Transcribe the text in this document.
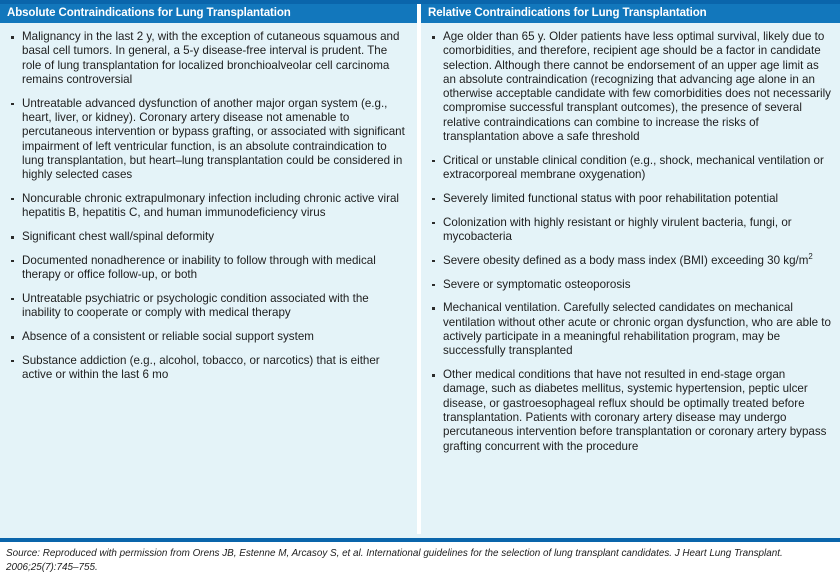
Absolute Contraindications for Lung Transplantation	Relative Contraindications for Lung Transplantation
Malignancy in the last 2 y, with the exception of cutaneous squamous and basal cell tumors. In general, a 5-y disease-free interval is prudent. The role of lung transplantation for localized bronchioalveolar cell carcinoma remains controversial
Untreatable advanced dysfunction of another major organ system (e.g., heart, liver, or kidney). Coronary artery disease not amenable to percutaneous intervention or bypass grafting, or associated with significant impairment of left ventricular function, is an absolute contraindication to lung transplantation, but heart–lung transplantation could be considered in highly selected cases
Noncurable chronic extrapulmonary infection including chronic active viral hepatitis B, hepatitis C, and human immunodeficiency virus
Significant chest wall/spinal deformity
Documented nonadherence or inability to follow through with medical therapy or office follow-up, or both
Untreatable psychiatric or psychologic condition associated with the inability to cooperate or comply with medical therapy
Absence of a consistent or reliable social support system
Substance addiction (e.g., alcohol, tobacco, or narcotics) that is either active or within the last 6 mo
Age older than 65 y. Older patients have less optimal survival, likely due to comorbidities, and therefore, recipient age should be a factor in candidate selection. Although there cannot be endorsement of an upper age limit as an absolute contraindication (recognizing that advancing age alone in an otherwise acceptable candidate with few comorbidities does not necessarily compromise successful transplant outcomes), the presence of several relative contraindications can combine to increase the risks of transplantation above a safe threshold
Critical or unstable clinical condition (e.g., shock, mechanical ventilation or extracorporeal membrane oxygenation)
Severely limited functional status with poor rehabilitation potential
Colonization with highly resistant or highly virulent bacteria, fungi, or mycobacteria
Severe obesity defined as a body mass index (BMI) exceeding 30 $kg/m^2$
Severe or symptomatic osteoporosis
Mechanical ventilation. Carefully selected candidates on mechanical ventilation without other acute or chronic organ dysfunction, who are able to actively participate in a meaningful rehabilitation program, may be successfully transplanted
Other medical conditions that have not resulted in end-stage organ damage, such as diabetes mellitus, systemic hypertension, peptic ulcer disease, or gastroesophageal reflux should be optimally treated before transplantation. Patients with coronary artery disease may undergo percutaneous intervention before transplantation or coronary artery bypass grafting concurrent with the procedure
Source: Reproduced with permission from Orens JB, Estenne M, Arcasoy S, et al. International guidelines for the selection of lung transplant candidates. J Heart Lung Transplant. 2006;25(7):745–755.
